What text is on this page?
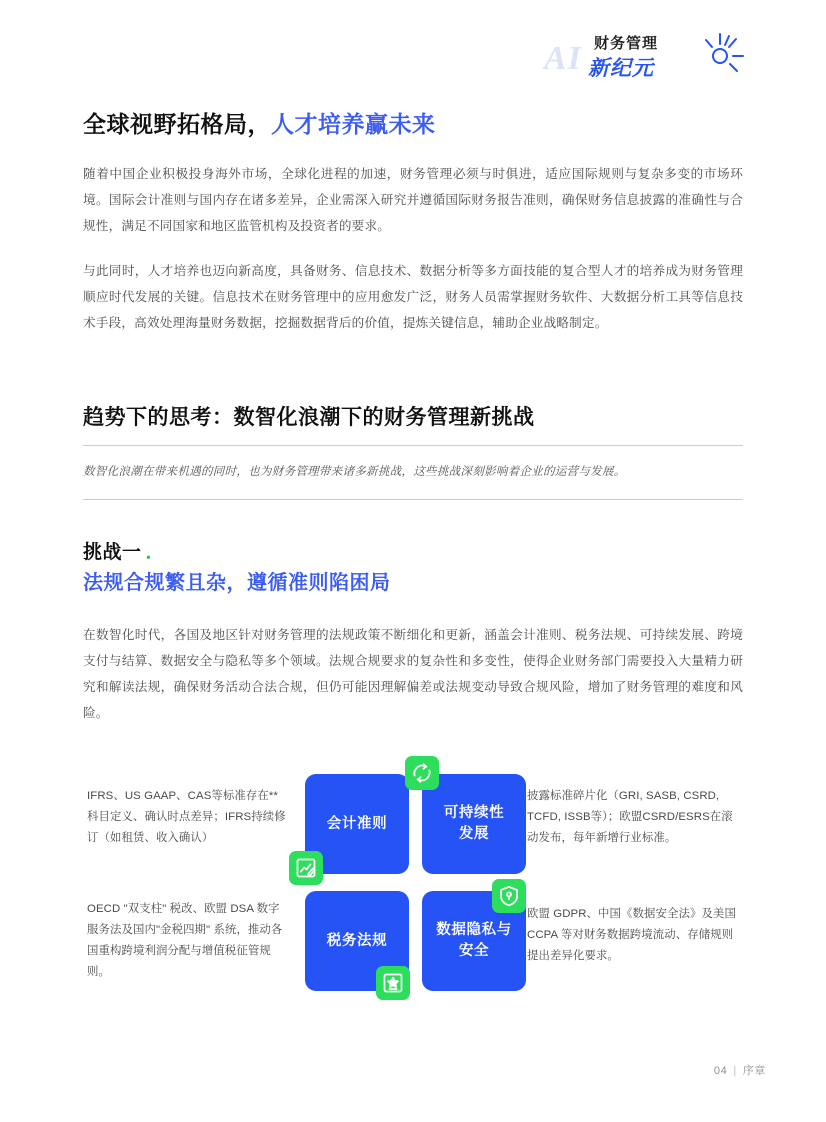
AI 财务管理
新纪元
全球视野拓格局，人才培养赢未来

随着中国企业积极投身海外市场，全球化进程的加速，财务管理必须与时俱进，适应国际规则与复杂多变的市场环境。国际会计准则与国内存在诸多差异，企业需深入研究并遵循国际财务报告准则，确保财务信息披露的准确性与合规性，满足不同国家和地区监管机构及投资者的要求。

与此同时，人才培养也迈向新高度，具备财务、信息技术、数据分析等多方面技能的复合型人才的培养成为财务管理顺应时代发展的关键。信息技术在财务管理中的应用愈发广泛，财务人员需掌握财务软件、大数据分析工具等信息技术手段，高效处理海量财务数据，挖掘数据背后的价值，提炼关键信息，辅助企业战略制定。

趋势下的思考：数智化浪潮下的财务管理新挑战

数智化浪潮在带来机遇的同时，也为财务管理带来诸多新挑战，这些挑战深刻影响着企业的运营与发展。

挑战一 ．
法规合规繁且杂，遵循准则陷困局

在数智化时代，各国及地区针对财务管理的法规政策不断细化和更新，涵盖会计准则、税务法规、可持续发展、跨境支付与结算、数据安全与隐私等多个领域。法规合规要求的复杂性和多变性，使得企业财务部门需要投入大量精力研究和解读法规，确保财务活动合法合规，但仍可能因理解偏差或法规变动导致合规风险，增加了财务管理的难度和风险。

会计准则
可持续性
发展
税务法规
数据隐私与
安全
IFRS、US GAAP、CAS等标准存在**科目定义、确认时点差异；IFRS持续修订（如租赁、收入确认）
披露标准碎片化（GRI, SASB, CSRD, TCFD, ISSB等）；欧盟CSRD/ESRS在滚动发布，每年新增行业标准。
OECD "双支柱" 税改、欧盟 DSA 数字服务法及国内"金税四期" 系统，推动各国重构跨境利润分配与增值税征管规则。
欧盟 GDPR、中国《数据安全法》及美国 CCPA 等对财务数据跨境流动、存储规则提出差异化要求。
04 | 序章
